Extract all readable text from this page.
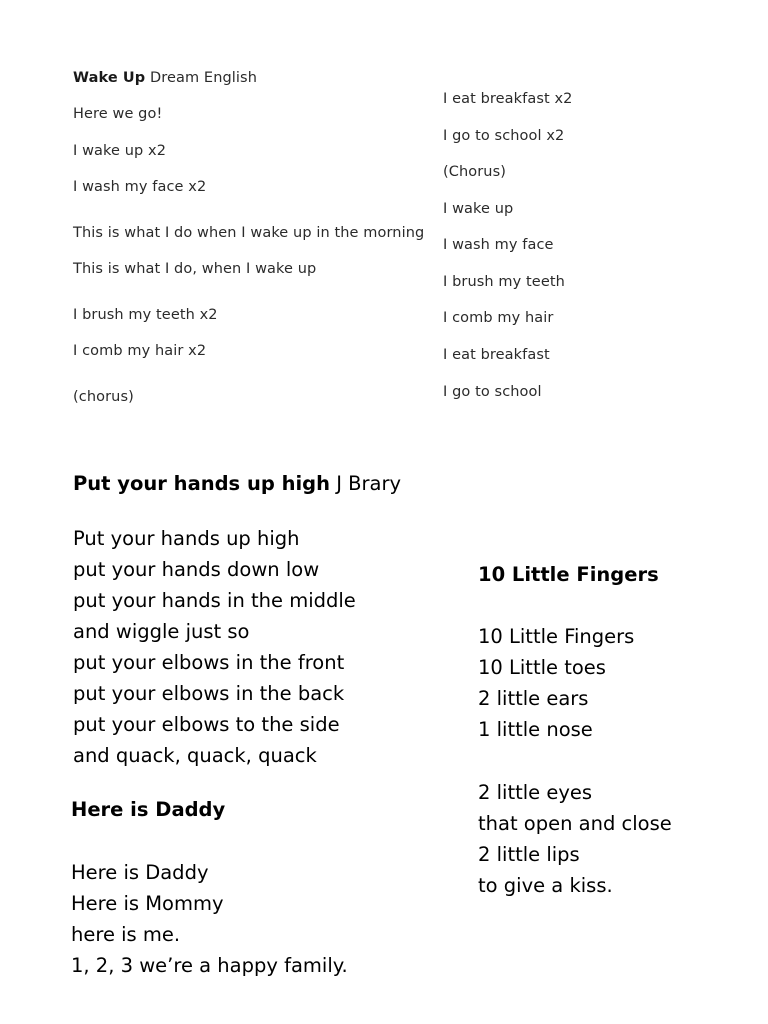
Wake Up Dream English
Here we go!
I wake up x2
I wash my face x2
This is what I do when I wake up in the morning
This is what I do, when I wake up
I brush my teeth x2
I comb my hair x2
(chorus)
I eat breakfast x2
I go to school x2
(Chorus)
I wake up
I wash my face
I brush my teeth
I comb my hair
I eat breakfast
I go to school
Put your hands up high J Brary
Put your hands up high
put your hands down low
put your hands in the middle
and wiggle just so
put your elbows in the front
put your elbows in the back
put your elbows to the side
and quack, quack, quack
Here is Daddy
Here is Daddy
Here is Mommy
here is me.
1, 2, 3 we’re a happy family.
10 Little Fingers
10 Little Fingers
10 Little toes
2 little ears
1 little nose
2 little eyes
that open and close
2 little lips
to give a kiss.
